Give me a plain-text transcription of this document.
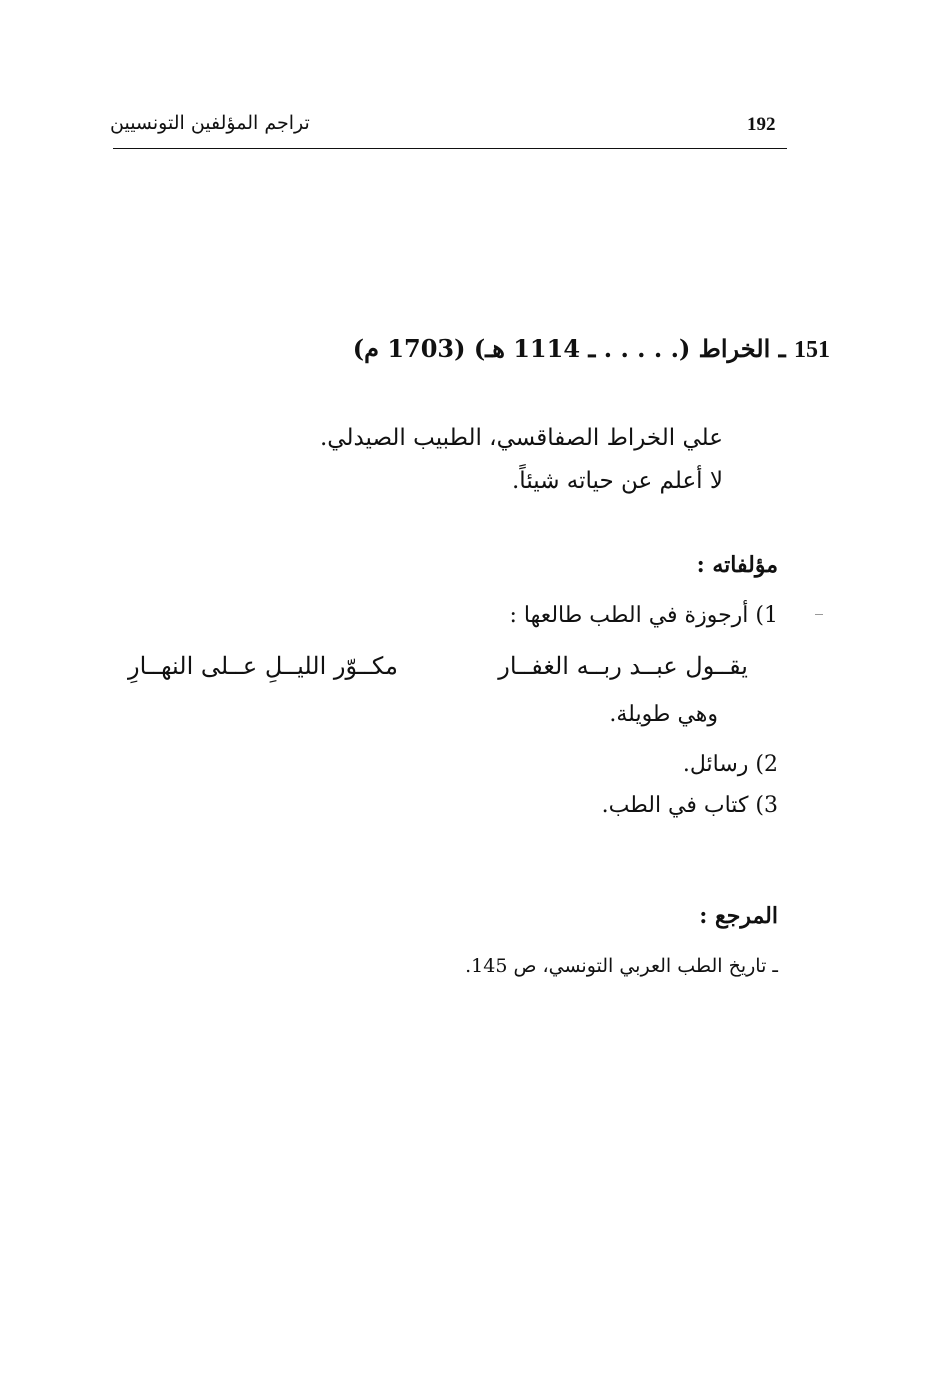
تراجم المؤلفين التونسيين	192
151 ـ الخراط (. . . . . ـ 1114 هـ) (1703 م)
علي الخراط الصفاقسي، الطبيب الصيدلي.
لا أعلم عن حياته شيئاً.
مؤلفاته :
1) أرجوزة في الطب طالعها :
يقــول عبــد ربــه الغفــار
مكــوّر الليــلِ عــلى النهــارِ
وهي طويلة.
2) رسائل.
3) كتاب في الطب.
المرجع :
ـ تاريخ الطب العربي التونسي، ص 145.
